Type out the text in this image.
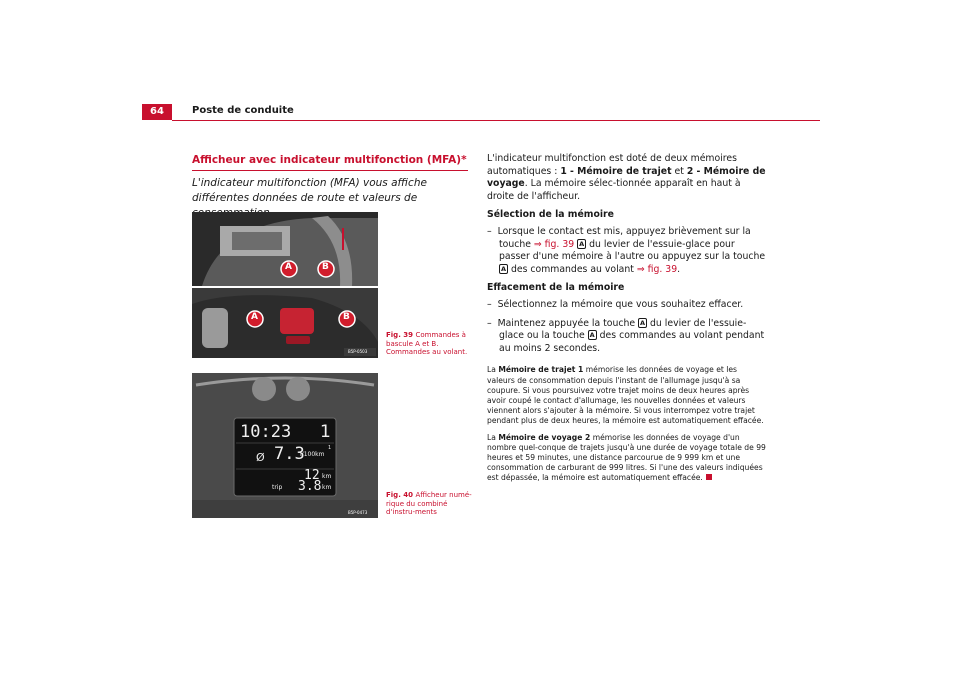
64	Poste de conduite
Afficheur avec indicateur multifonction (MFA)*
L'indicateur multifonction (MFA) vous affiche différentes données de route et valeurs de
A	B
A	B
B5P-0503
Fig. 39 Commandes à bascule A et B. Commandes au volant.
10:23 1
Ø 7.3
l/100km
1
12 km
trip 3.8 km
B5P-0473
Fig. 40 Afficheur numé-rique du combiné d'instru-ments

L'indicateur multifonction est doté de deux mémoires automatiques : 1 - Mémoire de trajet et 2 - Mémoire de voyage. La mémoire sélec-tionnée apparaît en haut à droite de l'afficheur.

Sélection de la mémoire
– Lorsque le contact est mis, appuyez brièvement sur la touche ⇒ fig. 39 A du levier de l'essuie-glace pour passer d'une mémoire à l'autre ou appuyez sur la touche A des commandes au volant ⇒ fig. 39.
Effacement de la mémoire
– Sélectionnez la mémoire que vous souhaitez effacer.
– Maintenez appuyée la touche A du levier de l'essuie-glace ou la touche A des commandes au volant pendant au moins 2 secondes.

La Mémoire de trajet 1 mémorise les données de voyage et les valeurs de consommation depuis l'instant de l'allumage jusqu'à sa coupure. Si vous poursuivez votre trajet moins de deux heures après avoir coupé le contact d'allumage, les nouvelles données et valeurs viennent alors s'ajouter à la mémoire. Si vous interrompez votre trajet pendant plus de deux heures, la mémoire est automatiquement effacée.

La Mémoire de voyage 2 mémorise les données de voyage d'un nombre quel-conque de trajets jusqu'à une durée de voyage totale de 99 heures et 59 minutes, une distance parcourue de 9 999 km et une consommation de carburant de 999 litres. Si l'une des valeurs indiquées est dépassée, la mémoire est automatiquement effacée.
